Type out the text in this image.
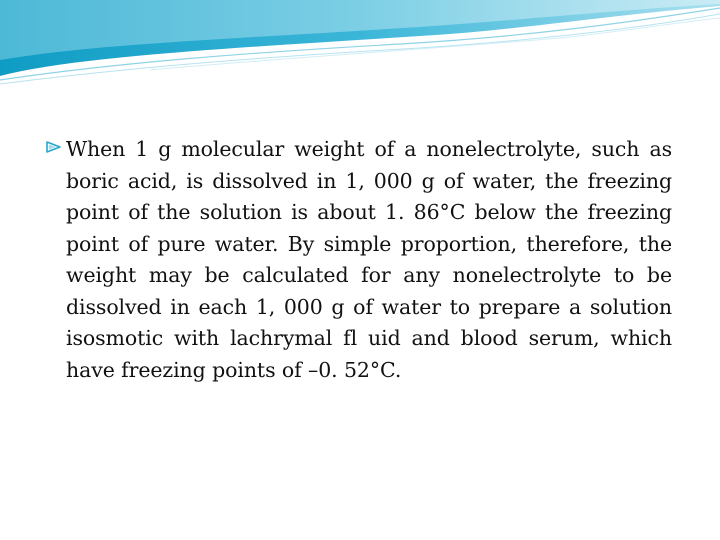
When 1 g molecular weight of a nonelectrolyte, such as boric acid, is dissolved in 1, 000 g of water, the freezing point of the solution is about 1. 86°C below the freezing point of pure water. By simple proportion, therefore, the weight may be calculated for any nonelectrolyte to be dissolved in each 1, 000 g of water to prepare a solution isosmotic with lachrymal fl uid and blood serum, which have freezing points of –0. 52°C.
